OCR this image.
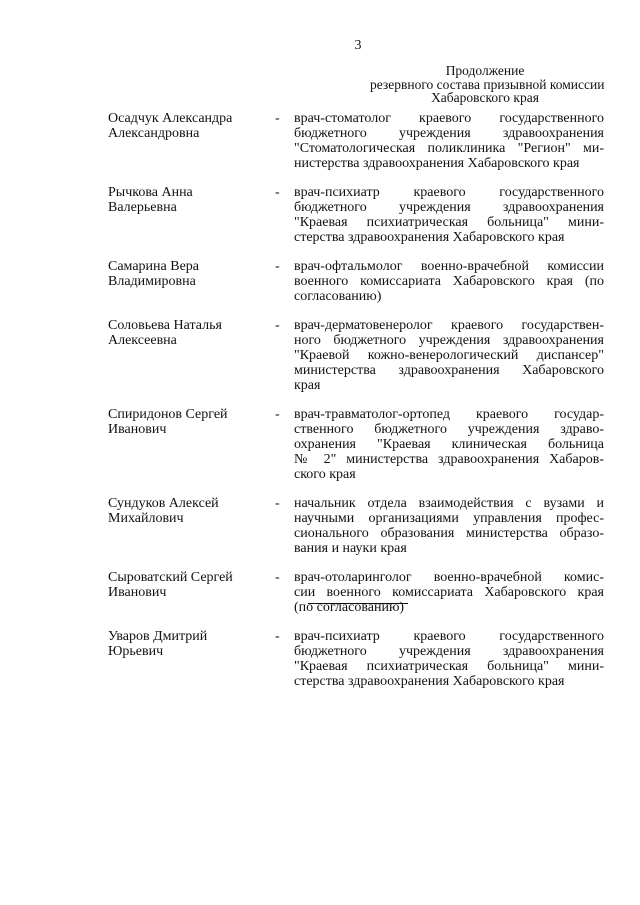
3
Продолжение
резервного состава призывной комиссии
Хабаровского края
Осадчук Александра
Александровна
-	врач-стоматолог краевого государственного
бюджетного учреждения здравоохранения
"Стоматологическая поликлиника "Регион" ми-
нистерства здравоохранения Хабаровского края
Рычкова Анна
Валерьевна
-	врач-психиатр краевого государственного
бюджетного учреждения здравоохранения
"Краевая психиатрическая больница" мини-
стерства здравоохранения Хабаровского края
Самарина Вера
Владимировна
-	врач-офтальмолог военно-врачебной комиссии
военного комиссариата Хабаровского края (по
согласованию)
Соловьева Наталья
Алексеевна
-	врач-дерматовенеролог краевого государствен-
ного бюджетного учреждения здравоохранения
"Краевой кожно-венерологический диспансер"
министерства здравоохранения Хабаровского
края
Спиридонов Сергей
Иванович
-	врач-травматолог-ортопед краевого государ-
ственного бюджетного учреждения здраво-
охранения "Краевая клиническая больница
№ 2" министерства здравоохранения Хабаров-
ского края
Сундуков Алексей
Михайлович
-	начальник отдела взаимодействия с вузами и
научными организациями управления профес-
сионального образования министерства образо-
вания и науки края
Сыроватский Сергей
Иванович
-	врач-отоларинголог военно-врачебной комис-
сии военного комиссариата Хабаровского края
(по согласованию)
Уваров Дмитрий
Юрьевич
-	врач-психиатр краевого государственного
бюджетного учреждения здравоохранения
"Краевая психиатрическая больница" мини-
стерства здравоохранения Хабаровского края
